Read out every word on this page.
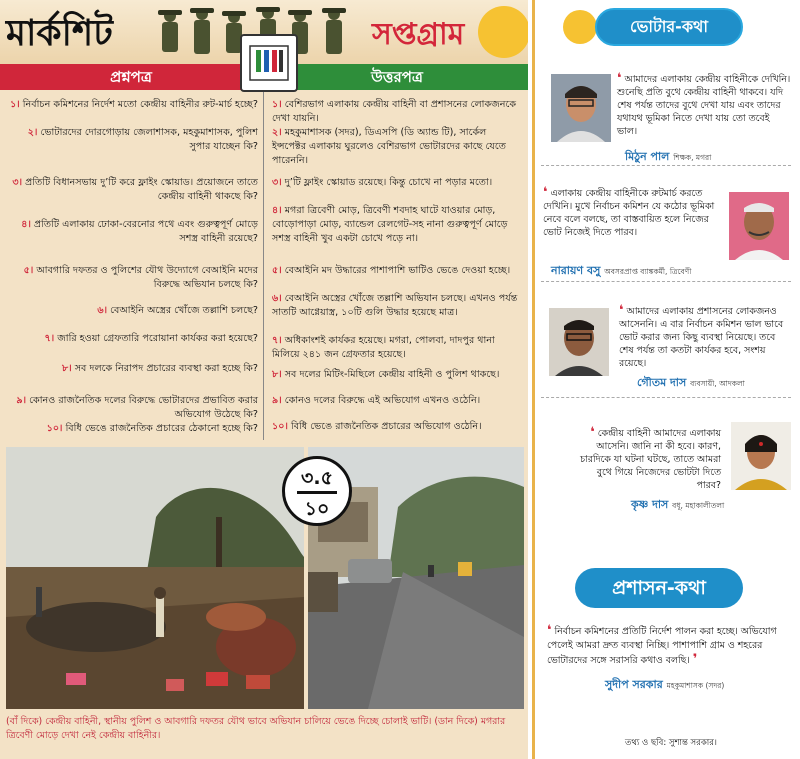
মার্কশিট	সপ্তগ্রাম
প্রশ্নপত্র	উত্তরপত্র
১। নির্বাচন কমিশনের নির্দেশ মতো কেন্দ্রীয় বাহিনীর রুট-মার্চ হচ্ছে?
২। ভোটারদের দোরগোড়ায় জেলাশাসক, মহকুমাশাসক, পুলিশ সুপার যাচ্ছেন কি?
৩। প্রতিটি বিধানসভায় দু’টি করে ফ্লাইং স্কোয়াড। প্রয়োজনে তাতে কেন্দ্রীয় বাহিনী থাকছে কি?
৪। প্রতিটি এলাকায় ঢোকা-বেরনোর পথে এবং গুরুত্বপূর্ণ মোড়ে সশস্ত্র বাহিনী রয়েছে?
৫। আবগারি দফতর ও পুলিশের যৌথ উদ্যোগে বেআইনি মদের বিরুদ্ধে অভিযান চলছে কি?
৬। বেআইনি অস্ত্রের খোঁজে তল্লাশি চলছে?
৭। জারি হওয়া গ্রেফতারি পরোয়ানা কার্যকর করা হয়েছে?
৮। সব দলকে নিরাপদ প্রচারের ব্যবস্থা করা হচ্ছে কি?
৯। কোনও রাজনৈতিক দলের বিরুদ্ধে ভোটারদের প্রভাবিত করার অভিযোগ উঠেছে কি?
১০। বিধি ভেঙে রাজনৈতিক প্রচারের ঠেকানো হচ্ছে কি?
১। বেশিরভাগ এলাকায় কেন্দ্রীয় বাহিনী বা প্রশাসনের লোকজনকে দেখা যায়নি।
২। মহকুমাশাসক (সদর), ডিএসপি (ডি অ্যান্ড টি), সার্কেল ইন্সপেক্টর এলাকায় ঘুরলেও বেশিরভাগ ভোটারদের কাছে যেতে পারেননি।
৩। দু’টি ফ্লাইং স্কোয়াড রয়েছে। কিন্তু চোখে না পড়ার মতো।
৪। মগরা ত্রিবেণী মোড়, ত্রিবেণী শবদাহ ঘাটে যাওয়ার মোড়, বোড়োপাড়া মোড়, ব্যান্ডেল রেলগেট-সহ নানা গুরুত্বপূর্ণ মোড়ে সশস্ত্র বাহিনী খুব একটা চোখে পড়ে না।
৫। বেআইনি মদ উদ্ধারের পাশাপাশি ভাটিও ভেঙে দেওয়া হচ্ছে।
৬। বেআইনি অস্ত্রের খোঁজে তল্লাশি অভিযান চলছে। এখনও পর্যন্ত সাতটি আগ্নেয়াস্ত্র, ১০টি গুলি উদ্ধার হয়েছে মাত্র।
৭। অধিকাংশই কার্যকর হয়েছে। মগরা, পোলবা, দাদপুর থানা মিলিয়ে ২৪১ জন গ্রেফতার হয়েছে।
৮। সব দলের মিটিং-মিছিলে কেন্দ্রীয় বাহিনী ও পুলিশ থাকছে।
৯। কোনও দলের বিরুদ্ধে এই অভিযোগ এখনও ওঠেনি।
১০। বিধি ভেঙে রাজনৈতিক প্রচারের অভিযোগ ওঠেনি।
৩.৫
১০
(বাঁ দিকে) কেন্দ্রীয় বাহিনী, স্থানীয় পুলিশ ও আবগারি দফতর যৌথ ভাবে অভিযান চালিয়ে ভেঙে দিচ্ছে চোলাই ভাটি। (ডান দিকে) মগরার ত্রিবেণী মোড়ে দেখা নেই কেন্দ্রীয় বাহিনীর।
ভোটার-কথা
❛ আমাদের এলাকায় কেন্দ্রীয় বাহিনীকে দেখিনি। শুনেছি প্রতি বুথে কেন্দ্রীয় বাহিনী থাকবে। যদি শেষ পর্যন্ত তাদের বুথে দেখা যায় এবং তাদের যথাযথ ভূমিকা নিতে দেখা যায় তো তবেই ভাল।
মিঠুন পাল শিক্ষক, মগরা
❛ এলাকায় কেন্দ্রীয় বাহিনীকে রুটমার্চ করতে দেখিনি। মুখে নির্বাচন কমিশন যে কঠোর ভূমিকা নেবে বলে বলছে, তা বাস্তবায়িত হলে নিজের ভোট নিজেই দিতে পারব।
নারায়ণ বসু অবসরপ্রাপ্ত ব্যাঙ্ককর্মী, ত্রিবেণী
❛ আমাদের এলাকায় প্রশাসনের লোকজনও আসেননি। এ বার নির্বাচন কমিশন ভাল ভাবে ভোট করার জন্য কিছু ব্যবস্থা নিয়েছে। তবে শেষ পর্যন্ত তা কতটা কার্যকর হবে, সংশয় রয়েছে।
গৌতম দাস ব্যবসায়ী, আদকলা
❛ কেন্দ্রীয় বাহিনী আমাদের এলাকায় আসেনি। জানি না কী হবে। কারণ, চারদিকে যা ঘটনা ঘটছে, তাতে আমরা বুথে গিয়ে নিজেদের ভোটটা দিতে পারব?
কৃষ্ণ দাস বধূ, মহাকালীতলা
প্রশাসন-কথা
❛ নির্বাচন কমিশনের প্রতিটি নির্দেশ পালন করা হচ্ছে। অভিযোগ পেলেই আমরা দ্রুত ব্যবস্থা নিচ্ছি। পাশাপাশি গ্রাম ও শহরের ভোটারদের সঙ্গে সরাসরি কথাও বলছি। ❜
সুদীপ সরকার মহকুমাশাসক (সদর)
তথ্য ও ছবি: সুশান্ত সরকার।
